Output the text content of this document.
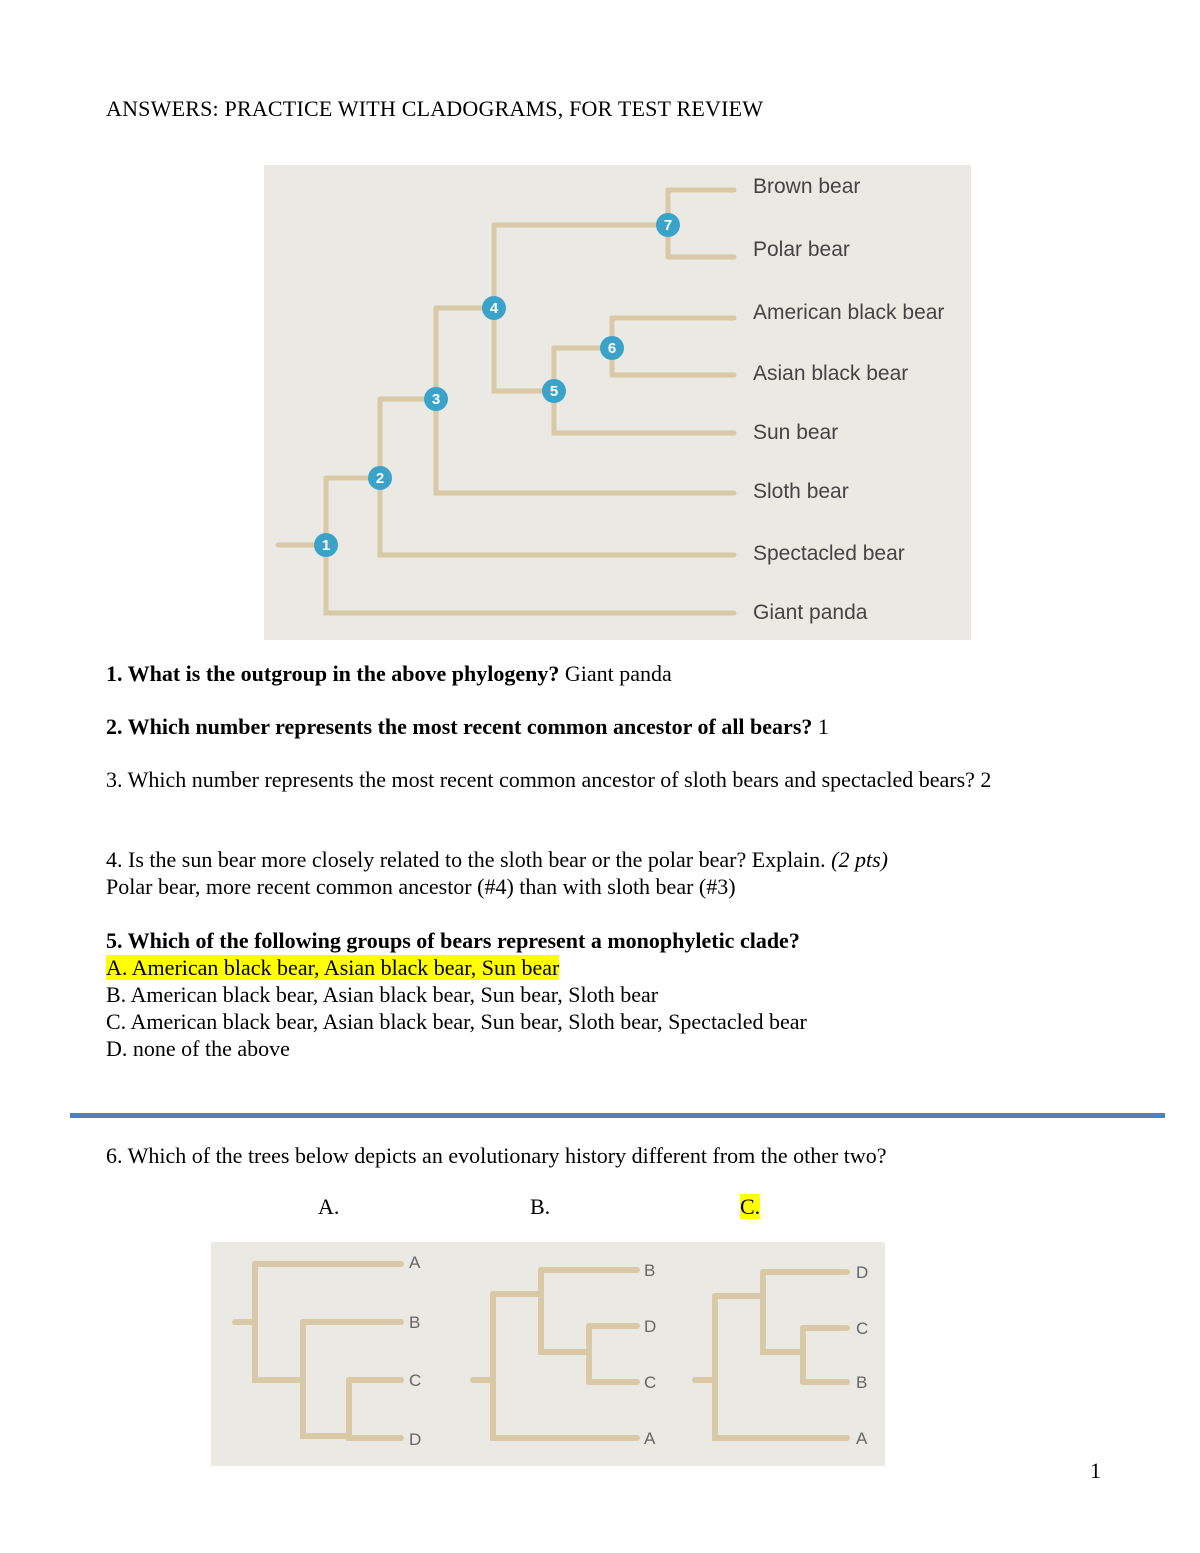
ANSWERS: PRACTICE WITH CLADOGRAMS, FOR TEST REVIEW
1
2
3
4
5
6
7
Brown bear
Polar bear
American black bear
Asian black bear
Sun bear
Sloth bear
Spectacled bear
Giant panda
1. What is the outgroup in the above phylogeny? Giant panda
2. Which number represents the most recent common ancestor of all bears? 1
3. Which number represents the most recent common ancestor of sloth bears and spectacled bears? 2
4. Is the sun bear more closely related to the sloth bear or the polar bear? Explain. (2 pts)
Polar bear, more recent common ancestor (#4) than with sloth bear (#3)
5. Which of the following groups of bears represent a monophyletic clade?
A. American black bear, Asian black bear, Sun bear
B. American black bear, Asian black bear, Sun bear, Sloth bear
C. American black bear, Asian black bear, Sun bear, Sloth bear, Spectacled bear
D. none of the above
6. Which of the trees below depicts an evolutionary history different from the other two?
A.	B.	C.
A
B
C
D
B
D
C
A
D
C
B
A
1
